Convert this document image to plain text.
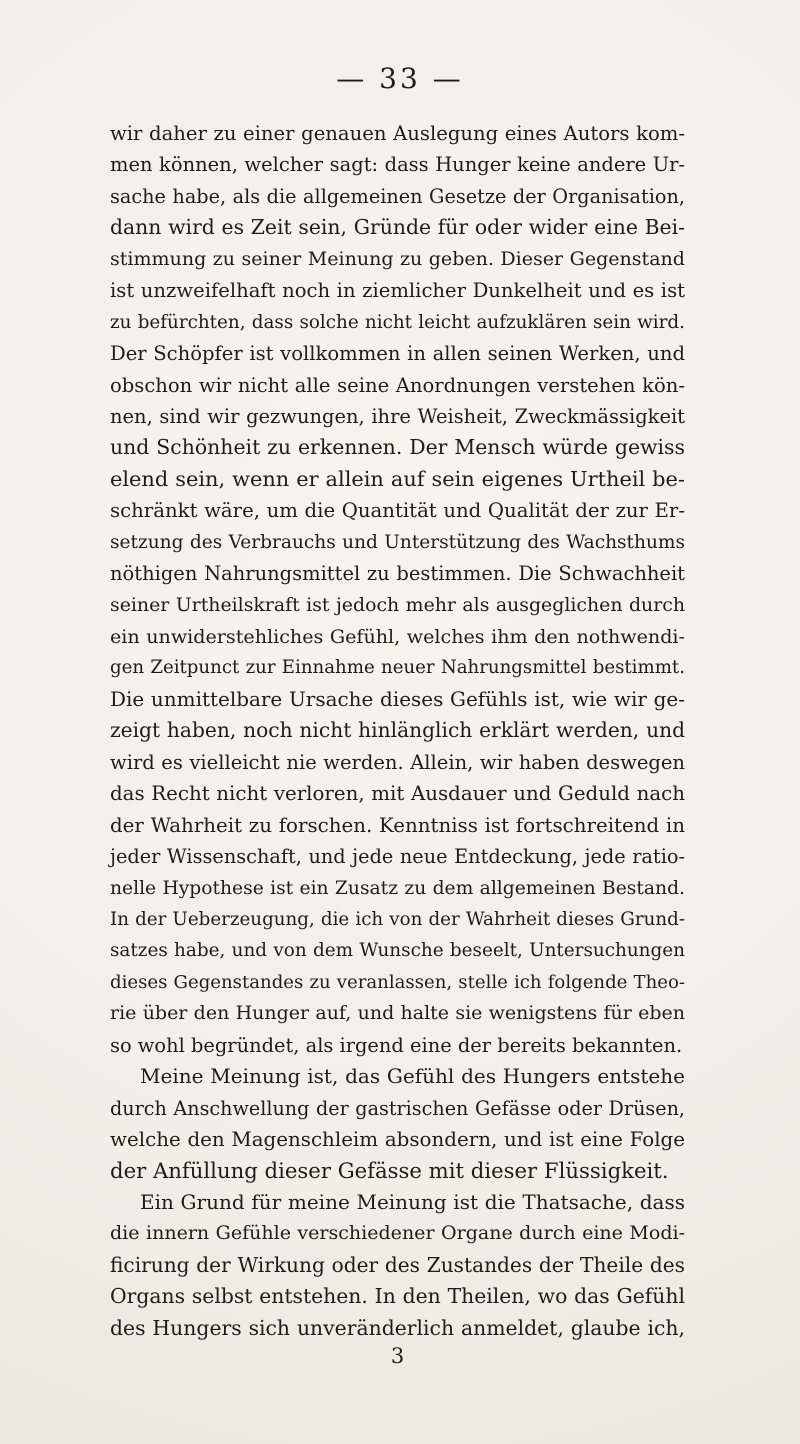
— 33 —
wir daher zu einer genauen Auslegung eines Autors kom-
men können, welcher sagt: dass Hunger keine andere Ur-
sache habe, als die allgemeinen Gesetze der Organisation,
dann wird es Zeit sein, Gründe für oder wider eine Bei-
stimmung zu seiner Meinung zu geben. Dieser Gegenstand
ist unzweifelhaft noch in ziemlicher Dunkelheit und es ist
zu befürchten, dass solche nicht leicht aufzuklären sein wird.
Der Schöpfer ist vollkommen in allen seinen Werken, und
obschon wir nicht alle seine Anordnungen verstehen kön-
nen, sind wir gezwungen, ihre Weisheit, Zweckmässigkeit
und Schönheit zu erkennen. Der Mensch würde gewiss
elend sein, wenn er allein auf sein eigenes Urtheil be-
schränkt wäre, um die Quantität und Qualität der zur Er-
setzung des Verbrauchs und Unterstützung des Wachsthums
nöthigen Nahrungsmittel zu bestimmen. Die Schwachheit
seiner Urtheilskraft ist jedoch mehr als ausgeglichen durch
ein unwiderstehliches Gefühl, welches ihm den nothwendi-
gen Zeitpunct zur Einnahme neuer Nahrungsmittel bestimmt.
Die unmittelbare Ursache dieses Gefühls ist, wie wir ge-
zeigt haben, noch nicht hinlänglich erklärt werden, und
wird es vielleicht nie werden. Allein, wir haben deswegen
das Recht nicht verloren, mit Ausdauer und Geduld nach
der Wahrheit zu forschen. Kenntniss ist fortschreitend in
jeder Wissenschaft, und jede neue Entdeckung, jede ratio-
nelle Hypothese ist ein Zusatz zu dem allgemeinen Bestand.
In der Ueberzeugung, die ich von der Wahrheit dieses Grund-
satzes habe, und von dem Wunsche beseelt, Untersuchungen
dieses Gegenstandes zu veranlassen, stelle ich folgende Theo-
rie über den Hunger auf, und halte sie wenigstens für eben
so wohl begründet, als irgend eine der bereits bekannten.
Meine Meinung ist, das Gefühl des Hungers entstehe
durch Anschwellung der gastrischen Gefässe oder Drüsen,
welche den Magenschleim absondern, und ist eine Folge
der Anfüllung dieser Gefässe mit dieser Flüssigkeit.
Ein Grund für meine Meinung ist die Thatsache, dass
die innern Gefühle verschiedener Organe durch eine Modi-
ficirung der Wirkung oder des Zustandes der Theile des
Organs selbst entstehen. In den Theilen, wo das Gefühl
des Hungers sich unveränderlich anmeldet, glaube ich,
3
